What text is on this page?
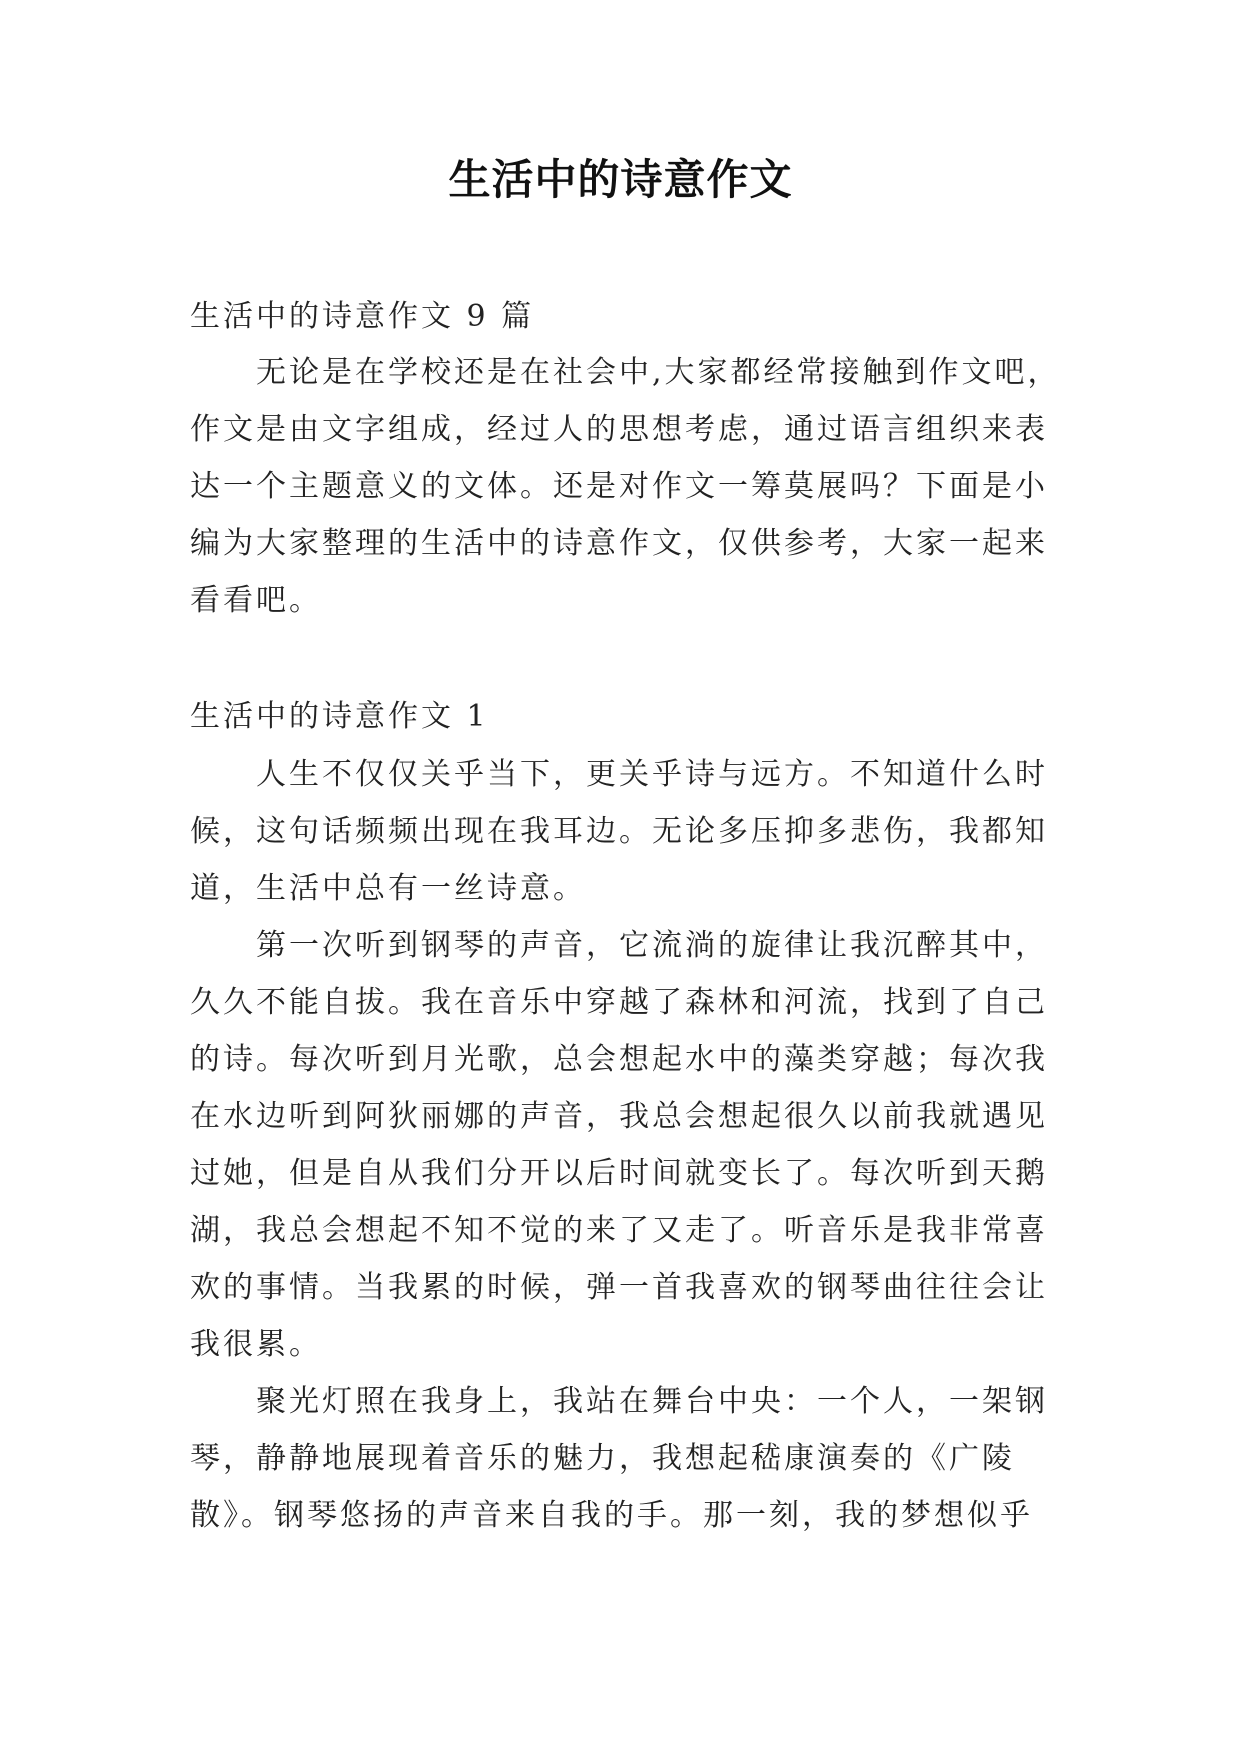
生活中的诗意作文
生活中的诗意作文 9 篇
无论是在学校还是在社会中,大家都经常接触到作文吧，
作文是由文字组成，经过人的思想考虑，通过语言组织来表
达一个主题意义的文体。还是对作文一筹莫展吗？下面是小
编为大家整理的生活中的诗意作文，仅供参考，大家一起来
看看吧。
生活中的诗意作文 1
人生不仅仅关乎当下，更关乎诗与远方。不知道什么时
候，这句话频频出现在我耳边。无论多压抑多悲伤，我都知
道，生活中总有一丝诗意。
第一次听到钢琴的声音，它流淌的旋律让我沉醉其中，
久久不能自拔。我在音乐中穿越了森林和河流，找到了自己
的诗。每次听到月光歌，总会想起水中的藻类穿越；每次我
在水边听到阿狄丽娜的声音，我总会想起很久以前我就遇见
过她，但是自从我们分开以后时间就变长了。每次听到天鹅
湖，我总会想起不知不觉的来了又走了。听音乐是我非常喜
欢的事情。当我累的时候，弹一首我喜欢的钢琴曲往往会让
我很累。
聚光灯照在我身上，我站在舞台中央：一个人，一架钢
琴，静静地展现着音乐的魅力，我想起嵇康演奏的《广陵
散》。钢琴悠扬的声音来自我的手。那一刻，我的梦想似乎
